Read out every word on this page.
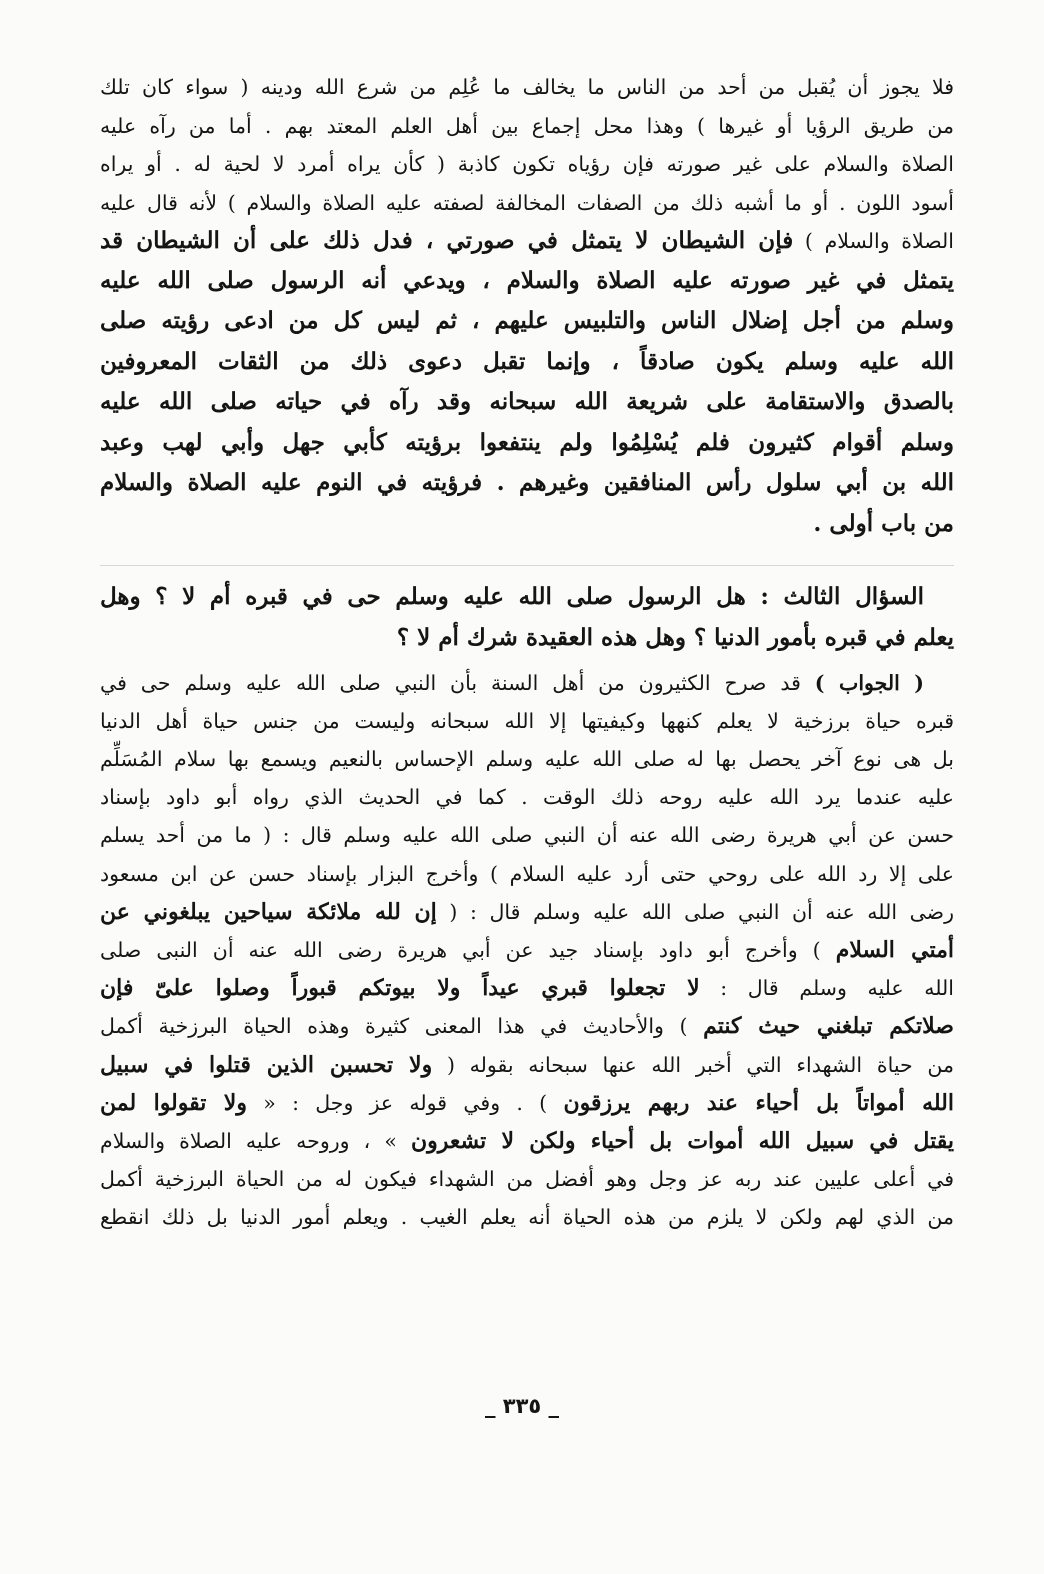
فلا يجوز أن يُقبل من أحد من الناس ما يخالف ما عُلِم من شرع الله ودينه ( سواء كان تلك
من طريق الرؤيا أو غيرها ) وهذا محل إجماع بين أهل العلم المعتد بهم . أما من رآه عليه
الصلاة والسلام على غير صورته فإن رؤياه تكون كاذبة ( كأن يراه أمرد لا لحية له . أو يراه
أسود اللون . أو ما أشبه ذلك من الصفات المخالفة لصفته عليه الصلاة والسلام ) لأنه قال عليه
الصلاة والسلام ) فإن الشيطان لا يتمثل في صورتي ، فدل ذلك على أن الشيطان قد
يتمثل في غير صورته عليه الصلاة والسلام ، ويدعي أنه الرسول صلى الله عليه
وسلم من أجل إضلال الناس والتلبيس عليهم ، ثم ليس كل من ادعى رؤيته صلى
الله عليه وسلم يكون صادقاً ، وإنما تقبل دعوى ذلك من الثقات المعروفين
بالصدق والاستقامة على شريعة الله سبحانه وقد رآه في حياته صلى الله عليه
وسلم أقوام كثيرون فلم يُسْلِمُوا ولم ينتفعوا برؤيته كأبي جهل وأبي لهب وعبد
الله بن أبي سلول رأس المنافقين وغيرهم . فرؤيته في النوم عليه الصلاة والسلام
من باب أولى .
السؤال الثالث : هل الرسول صلى الله عليه وسلم حى في قبره أم لا ؟ وهل
يعلم في قبره بأمور الدنيا ؟ وهل هذه العقيدة شرك أم لا ؟
( الجواب ) قد صرح الكثيرون من أهل السنة بأن النبي صلى الله عليه وسلم حى في
قبره حياة برزخية لا يعلم كنهها وكيفيتها إلا الله سبحانه وليست من جنس حياة أهل الدنيا
بل هى نوع آخر يحصل بها له صلى الله عليه وسلم الإحساس بالنعيم ويسمع بها سلام المُسَلِّم
عليه عندما يرد الله عليه روحه ذلك الوقت . كما في الحديث الذي رواه أبو داود بإسناد
حسن عن أبي هريرة رضى الله عنه أن النبي صلى الله عليه وسلم قال : ( ما من أحد يسلم
على إلا رد الله على روحي حتى أرد عليه السلام ) وأخرج البزار بإسناد حسن عن ابن مسعود
رضى الله عنه أن النبي صلى الله عليه وسلم قال : ( إن لله ملائكة سياحين يبلغوني عن
أمتي السلام ) وأخرج أبو داود بإسناد جيد عن أبي هريرة رضى الله عنه أن النبى صلى
الله عليه وسلم قال : لا تجعلوا قبري عيداً ولا بيوتكم قبوراً وصلوا علىّ فإن
صلاتكم تبلغني حيث كنتم ) والأحاديث في هذا المعنى كثيرة وهذه الحياة البرزخية أكمل
من حياة الشهداء التي أخبر الله عنها سبحانه بقوله ( ولا تحسبن الذين قتلوا في سبيل
الله أمواتاً بل أحياء عند ربهم يرزقون ) . وفي قوله عز وجل : « ولا تقولوا لمن
يقتل في سبيل الله أموات بل أحياء ولكن لا تشعرون » ، وروحه عليه الصلاة والسلام
في أعلى عليين عند ربه عز وجل وهو أفضل من الشهداء فيكون له من الحياة البرزخية أكمل
من الذي لهم ولكن لا يلزم من هذه الحياة أنه يعلم الغيب . ويعلم أمور الدنيا بل ذلك انقطع
_ ٣٣٥ _
